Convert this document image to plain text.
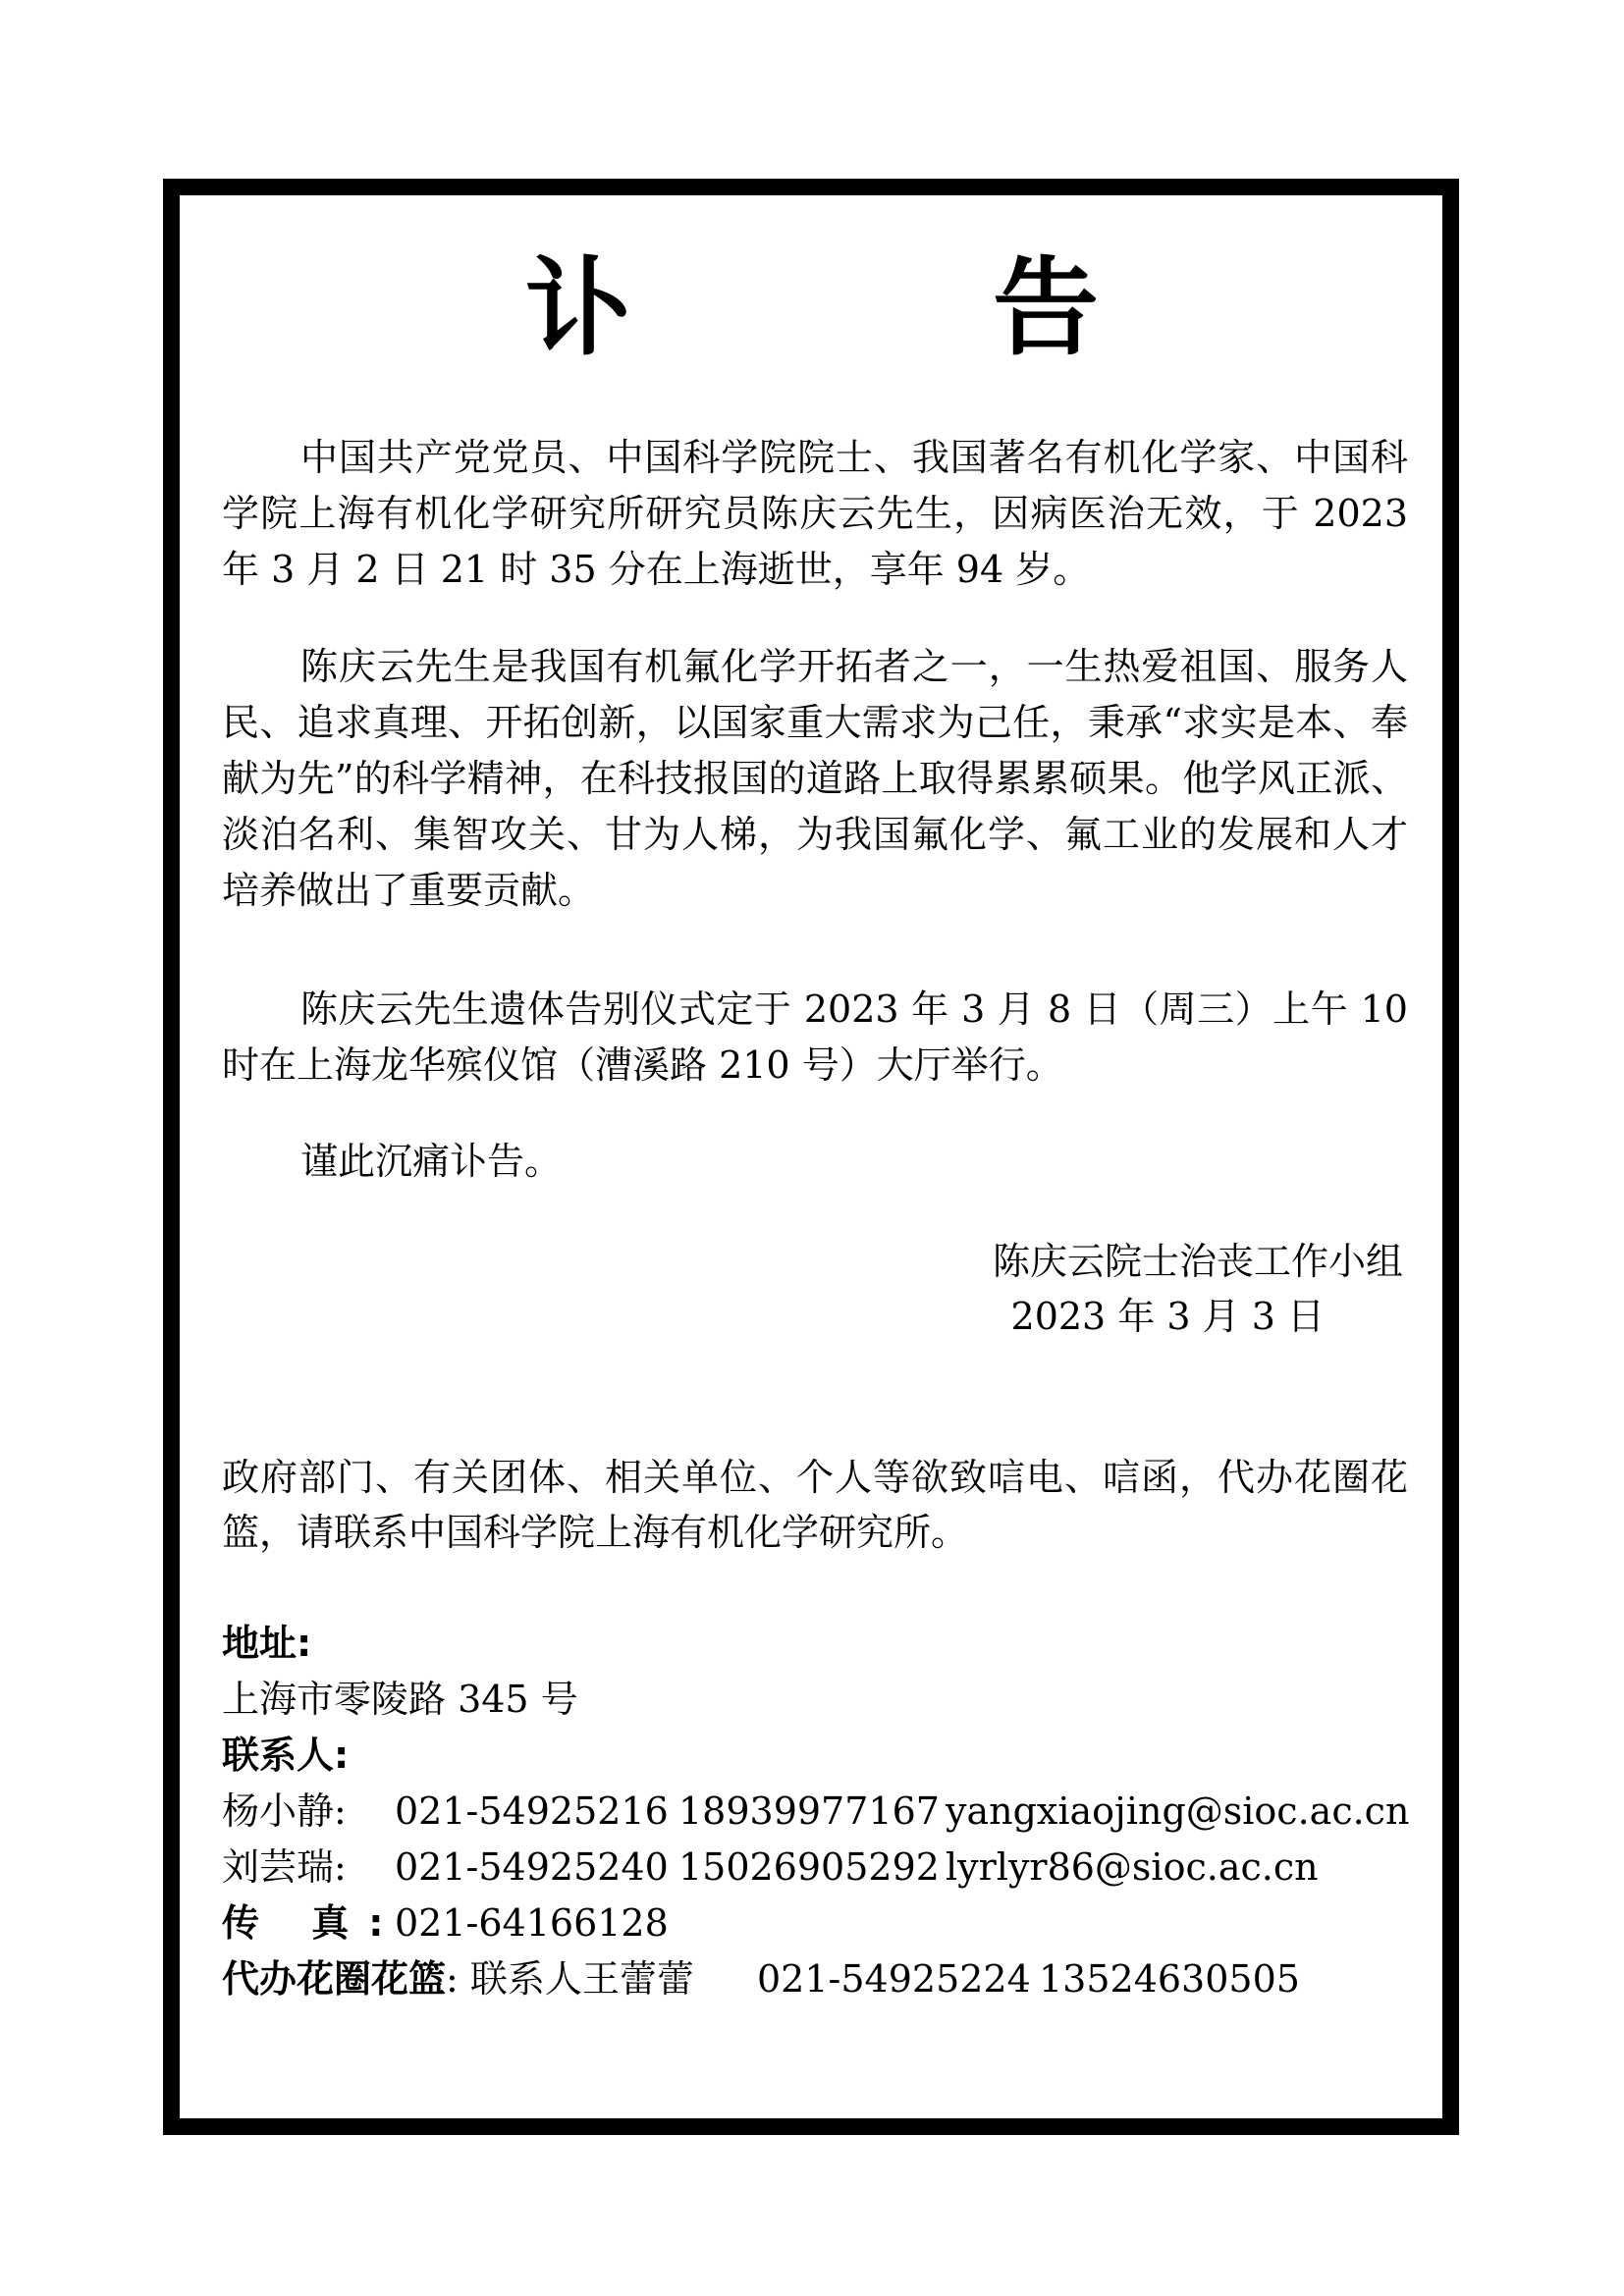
讣　告

中国共产党党员、中国科学院院士、我国著名有机化学家、中国科学院上海有机化学研究所研究员陈庆云先生，因病医治无效，于 2023 年 3 月 2 日 21 时 35 分在上海逝世，享年 94 岁。

陈庆云先生是我国有机氟化学开拓者之一，一生热爱祖国、服务人民、追求真理、开拓创新，以国家重大需求为己任，秉承“求实是本、奉献为先”的科学精神，在科技报国的道路上取得累累硕果。他学风正派、淡泊名利、集智攻关、甘为人梯，为我国氟化学、氟工业的发展和人才培养做出了重要贡献。

陈庆云先生遗体告别仪式定于 2023 年 3 月 8 日（周三）上午 10 时在上海龙华殡仪馆（漕溪路 210 号）大厅举行。

谨此沉痛讣告。

陈庆云院士治丧工作小组
2023 年 3 月 3 日

政府部门、有关团体、相关单位、个人等欲致唁电、唁函，代办花圈花篮，请联系中国科学院上海有机化学研究所。

地址:
上海市零陵路 345 号
联系人:
杨小静: 021-54925216 18939977167 yangxiaojing@sioc.ac.cn
刘芸瑞: 021-54925240 15026905292 lyrlyr86@sioc.ac.cn
传 真:
021-64166128
代办花圈花篮: 联系人王蕾蕾 021-54925224 13524630505
